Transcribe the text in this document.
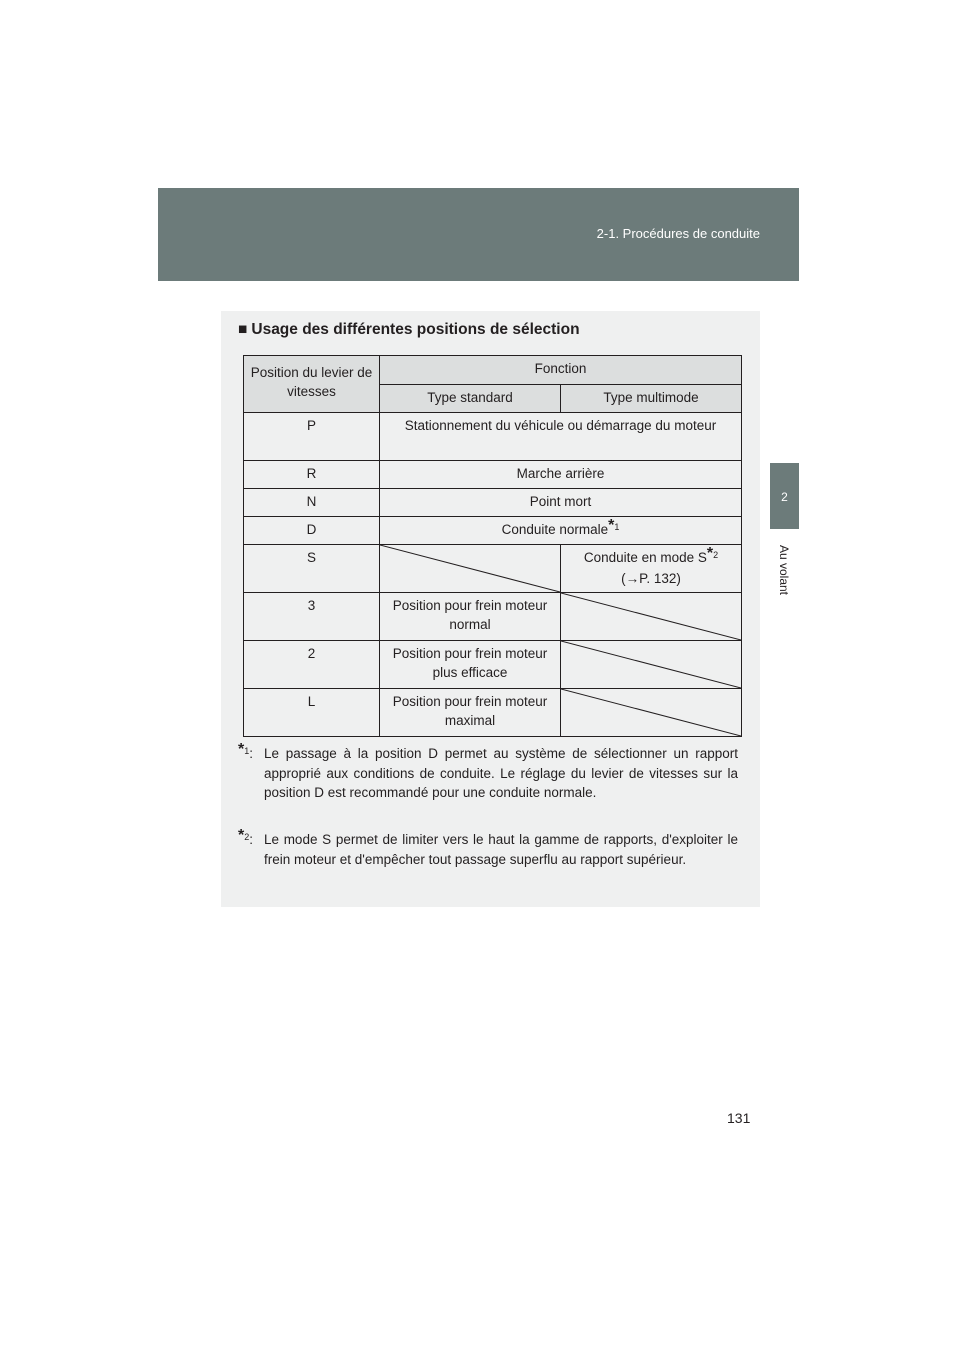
2-1. Procédures de conduite
2
Au volant
■ Usage des différentes positions de sélection
Position du levier de vitesses	Fonction	
	Type standard	Type multimode
P	Stationnement du véhicule ou démarrage du moteur	
R	Marche arrière	
N	Point mort	
D	Conduite normale$^{*1}$
S		Conduite en mode $S^{*2}$
(→P. 132)
3	Position pour frein moteur normal	

2	Position pour frein moteur plus efficace	

L	Position pour frein moteur maximal	
$^{*1}$: Le passage à la position D permet au système de sélectionner un rapport approprié aux conditions de conduite. Le réglage du levier de vitesses sur la position D est recommandé pour une conduite normale.
$^{*2}$: Le mode S permet de limiter vers le haut la gamme de rapports, d'exploiter le frein moteur et d'empêcher tout passage superflu au rapport supérieur.
131
